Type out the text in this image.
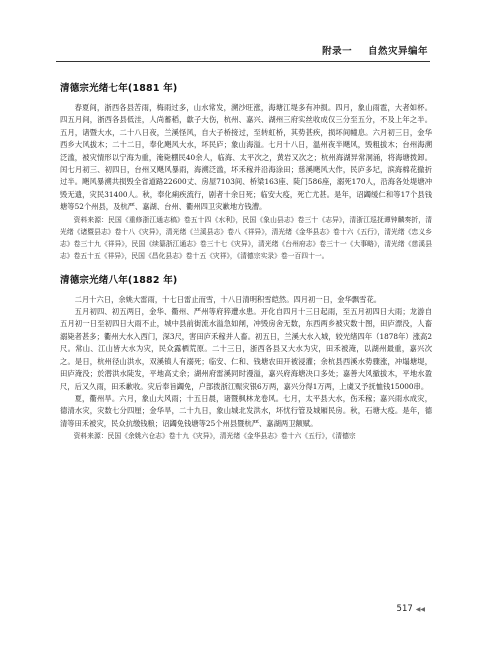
附录一 自然灾异编年
清德宗光绪七年(1881 年)

春夏间，浙西各县苦雨，梅雨过多，山水常发，溯沙旺涨，海塘江堤多有冲损。四月，象山雨雹，大者如杯。四五月间，浙西各县低洼，人尚蓄稻，歙子大伤，杭州、嘉兴、湖州三府实丝收成仅三分至五分，不及上年之半。五月，诸暨大水，二十八日夜，兰溪怪风，自大子桥接过，至转虹桥，其势甚疾，损坏间幢息。六月初三日，金华西乡大风拔木；二十二日，奉化飓风大水，坏民庐；象山海溢。七月十八日，温州夜半飓风，毁粗拔木；台州海溯泛滥，被灾情形以宁海为重，淹毙棚民40余人，临海、太平次之，黄岩又次之；杭州海湖异常洞涌，将海塘拨卸。闰七月初三、初四日，台州又飓风暴雨，海溯泛滥，坏禾稼并沿海涂田；慈溪飓风大作，民庐多圮，滨海棉花撤折过半。飓风暴溯共损毁全省道路22600丈、房屋7103间、桥梁163座、陡门586座，溺死170人，沿海各处堤塘冲毁无遗，灾民31400人。秋，奉化痢疾流行，剧者十余日死；临安大疫，死亡尤甚。是年，诏蠲缓仁和等17个县钱塘等52个州县，及杭严、嘉湖、台州、衢州四卫灾歉地方钱漕。

资料来源：民国《重修浙江通志稿》卷五十四《水利》，民国《象山县志》卷三十《志异》，清浙江巡抚谭钟麟奏折，清光绪《诸暨县志》卷十八《灾异》，清光绪《兰溪县志》卷八《祥异》，清光绪《金华县志》卷十六《五行》，清光绪《忠义乡志》卷三十九《祥异》，民国《续纂浙江通志》卷三十七《灾异》，清光绪《台州府志》卷三十一《大事略》，清光绪《慈溪县志》卷五十五《祥异》，民国《昌化县志》卷十五《灾祥》，《清德宗实录》卷一百四十一。

清德宗光绪八年(1882 年)

二月十六日，余姚大雷雨，十七日雷止而雪，十八日清明积雪皑然。四月初一日，金华飘雪花。

五月初四、初五两日，金华、衢州、严州等府猝遭水患。开化自四月十三日起雨，至五月初四日大雨；龙游自五月初一日至初四日大雨不止，城中县前街流水溢急如闸，冲毁房舍无数，东西两乡被灾数十图，田庐漂没，人畜溺毙者甚多；衢州大水入西门，深3尺，害田庐禾稼并人畜。初五日，兰溪大水入城，较光绪四年（1878年）涨高2尺。常山、江山皆大水为灾，民众露栖荒原。二十三日，浙西各县又大水为灾，田禾被淹，以湖州最重，嘉兴次之。是日，杭州径山洪水，双溪镇人有溺死；临安、仁和、钱塘农田开被浸灌；余杭县西溪水势骤涨，冲塌塘堤，田庐淹没；於潜洪水陡发，平地高丈余；湖州府雷溪同时漫溢，嘉兴府海塘决口多处；嘉善大风撤拔木，平地水盈尺，后又久雨，田禾歉收。灾后奉旨蠲免，户部拨浙江赈灾银6万两，嘉兴分得1万两，上虞又予抚恤钱15000串。

夏，衢州旱。六月，象山大风雨；十五日晨，诸暨枫林龙卷风。七月，太平县大水，伤禾稼；嘉兴雨水成灾，德清水灾，灾数七分四厘；金华旱，二十九日，象山城北发洪水，坏忧行管及城厢民房。秋，石塘大疫。是年，德清等田禾被灾，民众抗缴钱粮；诏蠲免钱塘等25个州县暨杭严、嘉湖两卫额赋。

资料来源：民国《余姚六仓志》卷十九《灾异》，清光绪《金华县志》卷十六《五行》，《清德宗

517 ◀◀
